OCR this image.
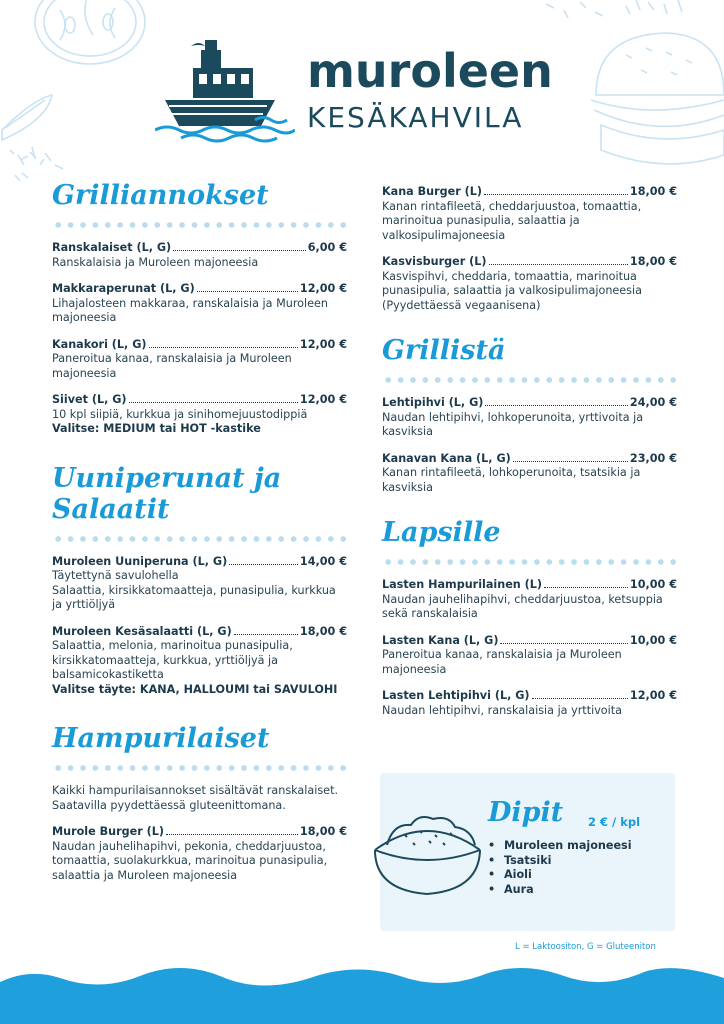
muroleen
KESÄKAHVILA
Grilliannokset
Ranskalaiset (L, G)	6,00 €
Ranskalaisia ja Muroleen majoneesia
Makkaraperunat (L, G)	12,00 €
Lihajalosteen makkaraa, ranskalaisia ja Muroleen majoneesia
Kanakori (L, G)	12,00 €
Paneroitua kanaa, ranskalaisia ja Muroleen majoneesia
Siivet (L, G)	12,00 €
10 kpl siipiä, kurkkua ja sinihomejuustodippiä
Valitse: MEDIUM tai HOT -kastike
Uuniperunat ja
Salaatit
Muroleen Uuniperuna (L, G)	14,00 €
Täytettynä savulohella
Salaattia, kirsikkatomaatteja, punasipulia, kurkkua ja yrttiöljyä
Muroleen Kesäsalaatti (L, G)	18,00 €
Salaattia, melonia, marinoitua punasipulia, kirsikkatomaatteja, kurkkua, yrttiöljyä ja balsamicokastiketta
Valitse täyte: KANA, HALLOUMI tai SAVULOHI
Hampurilaiset
Kaikki hampurilaisannokset sisältävät ranskalaiset. Saatavilla pyydettäessä gluteenittomana.
Murole Burger (L)	18,00 €
Naudan jauhelihapihvi, pekonia, cheddarjuustoa, tomaattia, suolakurkkua, marinoitua punasipulia, salaattia ja Muroleen majoneesia
Kana Burger (L)	18,00 €
Kanan rintafileetä, cheddarjuustoa, tomaattia, marinoitua punasipulia, salaattia ja valkosipulimajoneesia
Kasvisburger (L)	18,00 €
Kasvispihvi, cheddaria, tomaattia, marinoitua punasipulia, salaattia ja valkosipulimajoneesia (Pyydettäessä vegaanisena)
Grillistä
Lehtipihvi (L, G)	24,00 €
Naudan lehtipihvi, lohkoperunoita, yrttivoita ja kasviksia
Kanavan Kana (L, G)	23,00 €
Kanan rintafileetä, lohkoperunoita, tsatsikia ja kasviksia
Lapsille
Lasten Hampurilainen (L)	10,00 €
Naudan jauhelihapihvi, cheddarjuustoa, ketsuppia sekä ranskalaisia
Lasten Kana (L, G)	10,00 €
Paneroitua kanaa, ranskalaisia ja Muroleen majoneesia
Lasten Lehtipihvi (L, G)	12,00 €
Naudan lehtipihvi, ranskalaisia ja yrttivoita
Dipit 2 € / kpl
• Muroleen majoneesi
• Tsatsiki
• Aioli
• Aura
L = Laktoositon, G = Gluteeniton
